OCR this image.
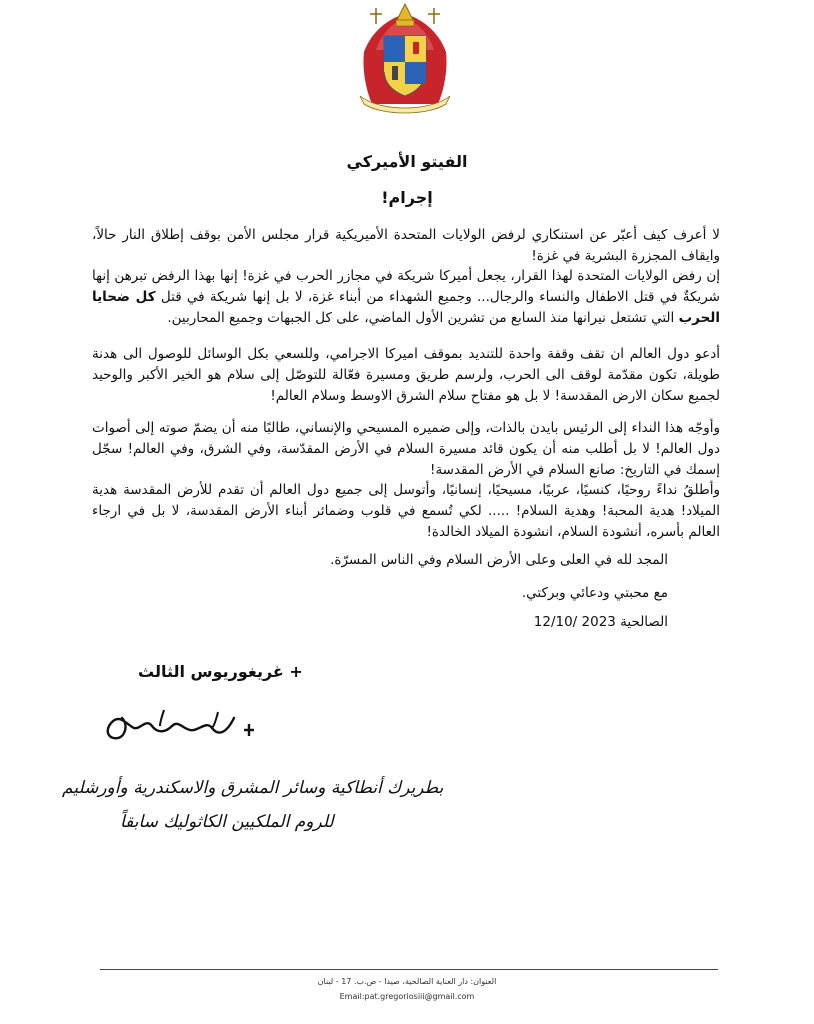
الفيتو الأميركي
إجرام!

لا أعرف كيف أعبّر عن استنكاري لرفض الولايات المتحدة الأميريكية قرار مجلس الأمن بوقف إطلاق النار حالاً، وايقاف المجزرة البشرية في غزة!

إن رفض الولايات المتحدة لهذا القرار، يجعل أميركا شريكة في مجازر الحرب في غزة! إنها بهذا الرفض تبرهن إنها شريكةٌ في قتل الاطفال والنساء والرجال... وجميع الشهداء من أبناء غزة، لا بل إنها شريكة في قتل كل ضحايا الحرب التي تشتعل نيرانها منذ السابع من تشرين الأول الماضي، على كل الجبهات وجميع المحاربين.

أدعو دول العالم ان تقف وقفة واحدة للتنديد بموقف اميركا الاجرامي، وللسعي بكل الوسائل للوصول الى هدنة طويلة، تكون مقدّمة لوقف الى الحرب، ولرسم طريق ومسيرة فعّالة للتوصّل إلى سلام هو الخير الأكبر والوحيد لجميع سكان الارض المقدسة! لا بل هو مفتاح سلام الشرق الاوسط وسلام العالم!

وأوجّه هذا النداء إلى الرئيس بايدن بالذات، وإلى ضميره المسيحي والإنساني، طالبًا منه أن يضمّ صوته إلى أصوات دول العالم! لا بل أطلب منه أن يكون قائد مسيرة السلام في الأرض المقدّسة، وفي الشرق، وفي العالم! سجّل إسمك في التاريخ: صانع السلام في الأرض المقدسة!

وأطلقُ نداءً روحيًا، كنسيًا، عربيًا، مسيحيًا، إنسانيًا، وأتوسل إلى جميع دول العالم أن تقدم للأرض المقدسة هدية الميلاد! هدية المحبة! وهدية السلام! ..... لكي تُسمع في قلوب وضمائر أبناء الأرض المقدسة، لا بل في ارجاء العالم بأسره، أنشودة السلام، انشودة الميلاد الخالدة!

المجد لله في العلى وعلى الأرض السلام وفي الناس المسرّة.

مع محبتي ودعائي وبركتي.

الصالحية 2023 /12/10

+ غريغوريوس الثالث
بطريرك أنطاكية وسائر المشرق والاسكندرية وأورشليم
للروم الملكيين الكاثوليك سابقاً
العنوان: دار العناية الصالحية، صيدا - ص.ب. 17 - لبنان
Email:pat.gregoriosiii@gmail.com
